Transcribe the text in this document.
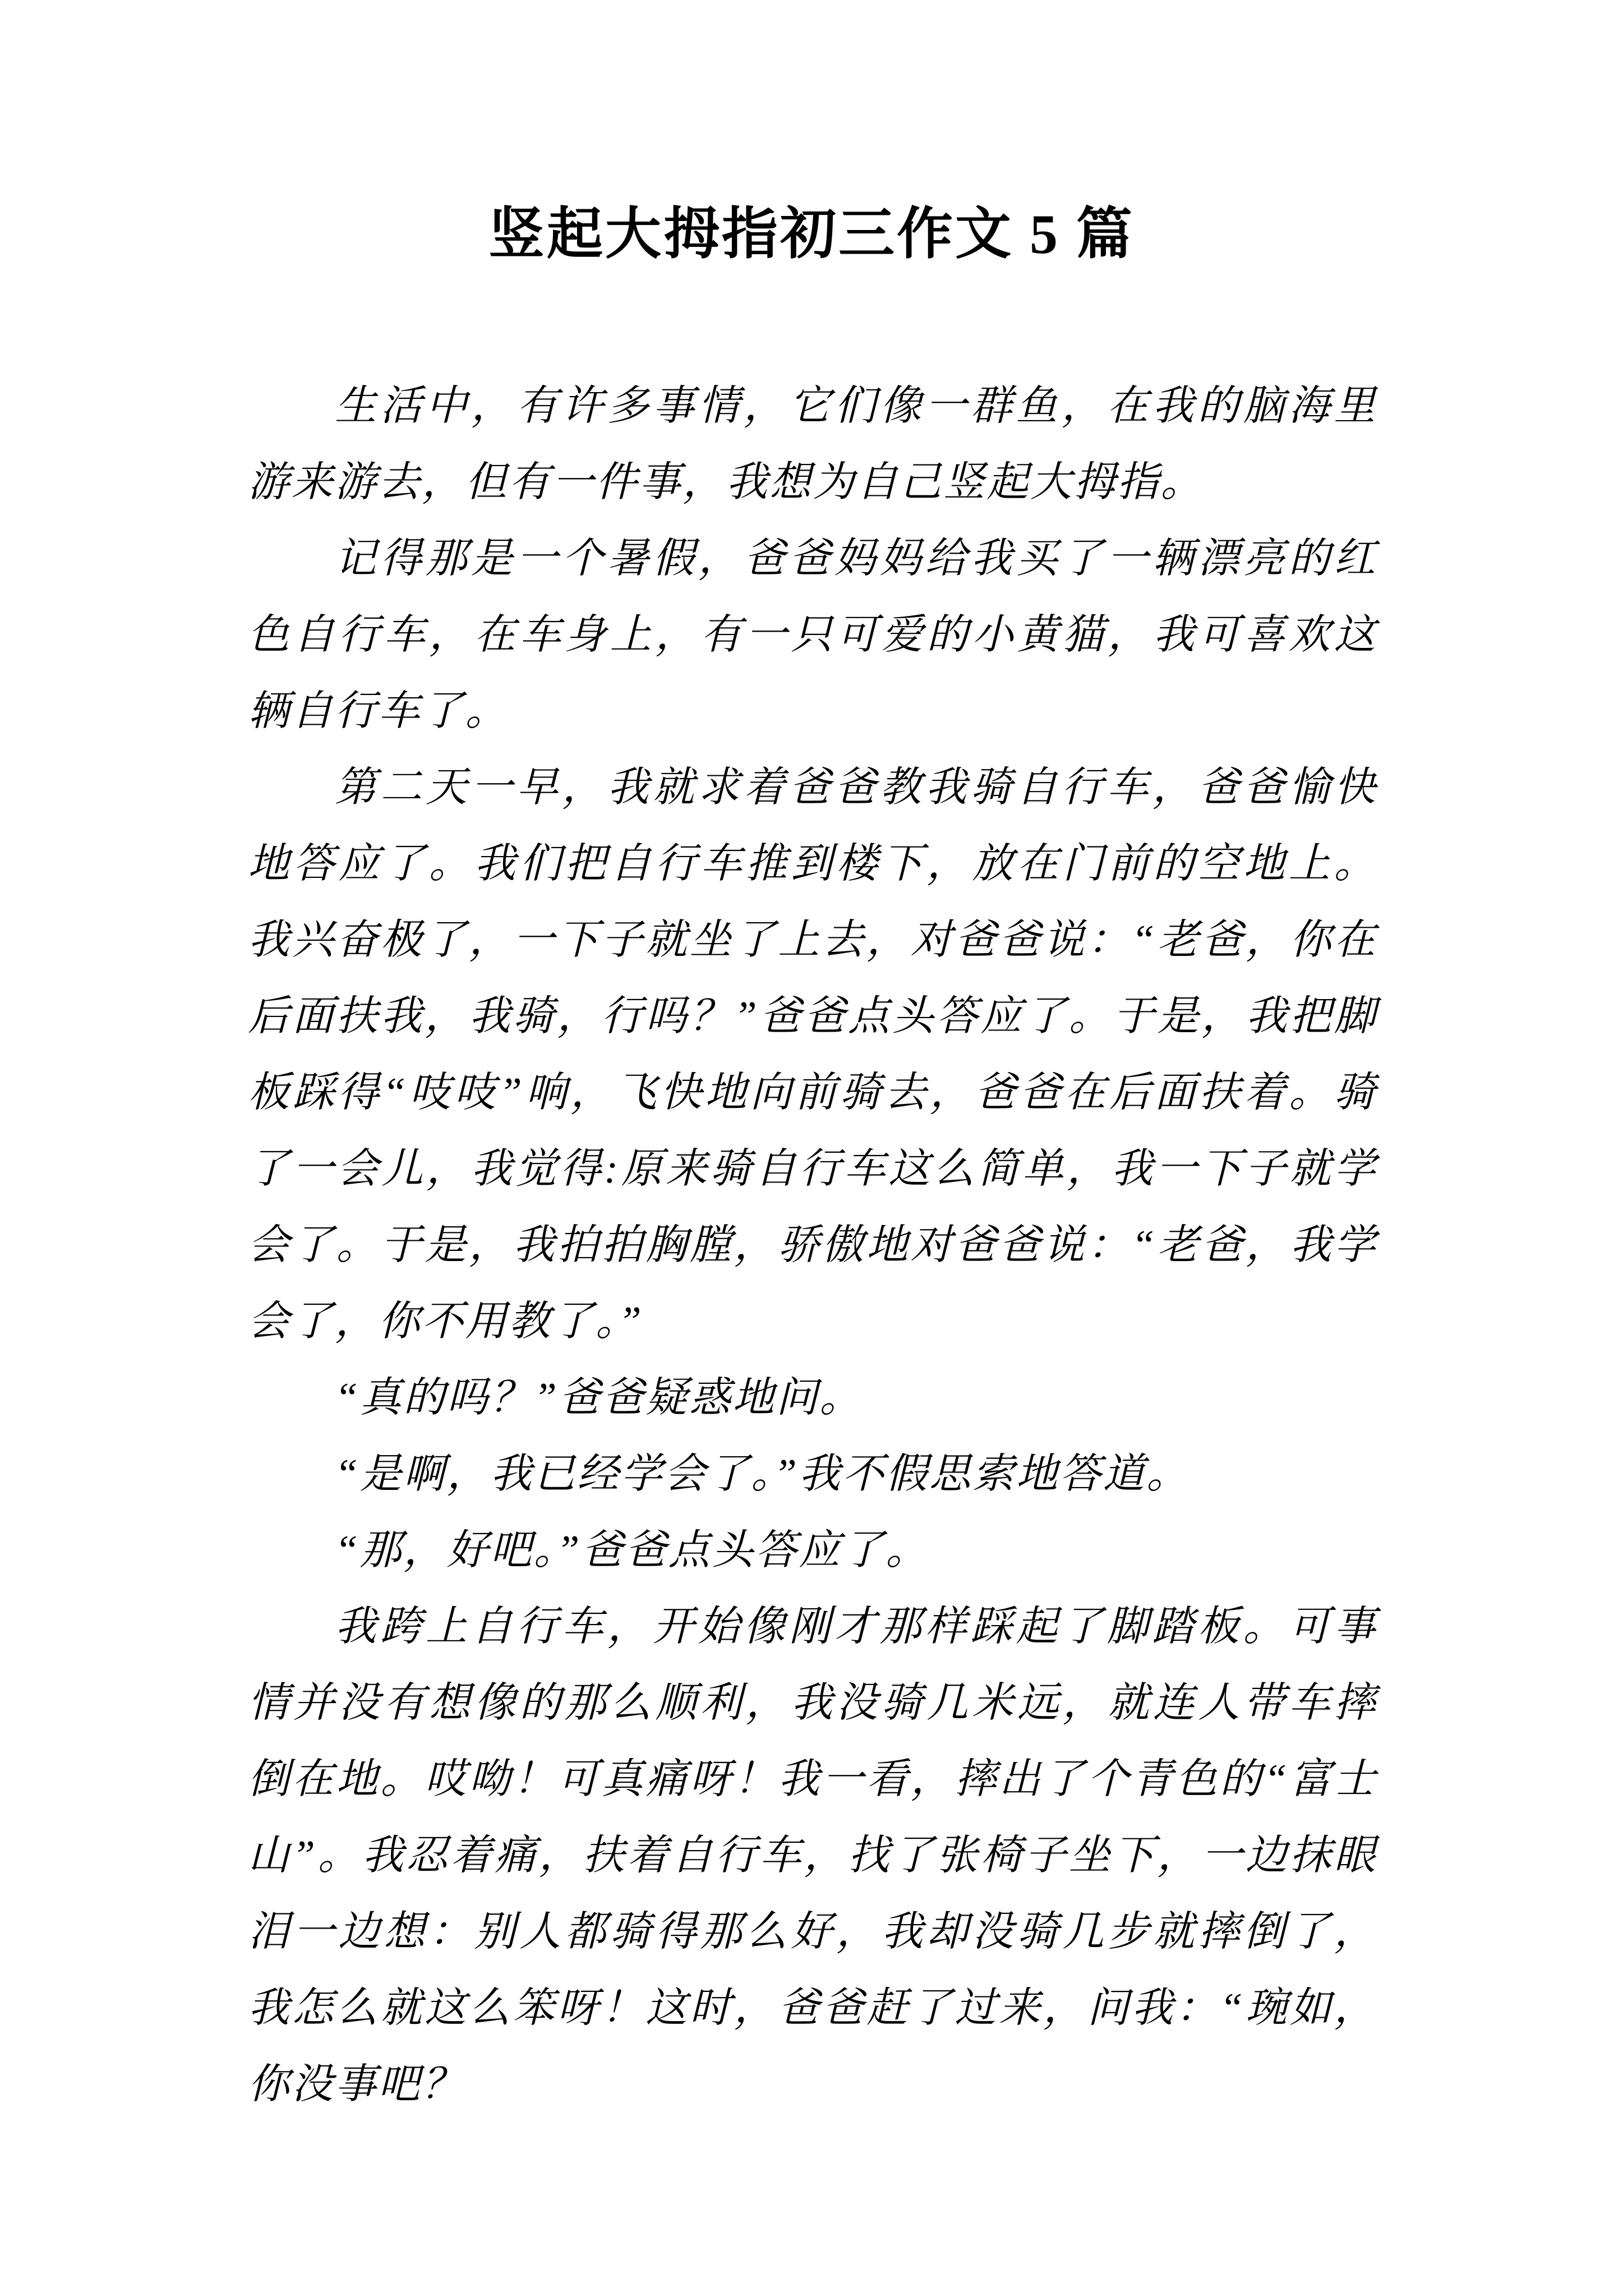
竖起大拇指初三作文 5 篇

生活中，有许多事情，它们像一群鱼，在我的脑海里游来游去，但有一件事，我想为自己竖起大拇指。

记得那是一个暑假，爸爸妈妈给我买了一辆漂亮的红色自行车，在车身上，有一只可爱的小黄猫，我可喜欢这辆自行车了。

第二天一早，我就求着爸爸教我骑自行车，爸爸愉快地答应了。我们把自行车推到楼下，放在门前的空地上。我兴奋极了，一下子就坐了上去，对爸爸说：“老爸，你在后面扶我，我骑，行吗？”爸爸点头答应了。于是，我把脚板踩得“吱吱”响，飞快地向前骑去，爸爸在后面扶着。骑了一会儿，我觉得:原来骑自行车这么简单，我一下子就学会了。于是，我拍拍胸膛，骄傲地对爸爸说：“老爸，我学会了，你不用教了。”

“真的吗？”爸爸疑惑地问。

“是啊，我已经学会了。”我不假思索地答道。

“那，好吧。”爸爸点头答应了。

我跨上自行车，开始像刚才那样踩起了脚踏板。可事情并没有想像的那么顺利，我没骑几米远，就连人带车摔倒在地。哎呦！可真痛呀！我一看，摔出了个青色的“富士山”。我忍着痛，扶着自行车，找了张椅子坐下，一边抹眼泪一边想：别人都骑得那么好，我却没骑几步就摔倒了，我怎么就这么笨呀！这时，爸爸赶了过来，问我：“琬如，你没事吧？
